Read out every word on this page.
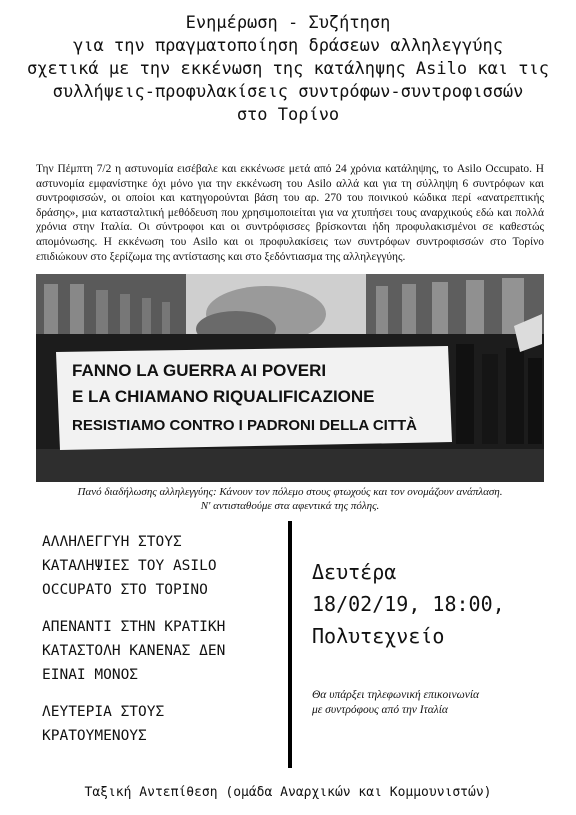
Ενημέρωση - Συζήτηση
για την πραγματοποίηση δράσεων αλληλεγγύης
σχετικά με την εκκένωση της κατάληψης Asilo και τις
συλλήψεις-προφυλακίσεις συντρόφων-συντροφισσών
στο Τορίνο
Την Πέμπτη 7/2 η αστυνομία εισέβαλε και εκκένωσε μετά από 24 χρόνια κατάληψης, το Asilo Occupato. Η αστυνομία εμφανίστηκε όχι μόνο για την εκκένωση του Asilo αλλά και για τη σύλληψη 6 συντρόφων και συντροφισσών, οι οποίοι και κατηγορούνται βάση του αρ. 270 του ποινικού κώδικα περί «ανατρεπτικής δράσης», μια κατασταλτική μεθόδευση που χρησιμοποιείται για να χτυπήσει τους αναρχικούς εδώ και πολλά χρόνια στην Ιταλία. Οι σύντροφοι και οι συντρόφισσες βρίσκονται ήδη προφυλακισμένοι σε καθεστώς απομόνωσης. Η εκκένωση του Asilo και οι προφυλακίσεις των συντρόφων συντροφισσών στο Τορίνο επιδιώκουν στο ξερίζωμα της αντίστασης και στο ξεδόντιασμα της αλληλεγγύης.
FANNO LA GUERRA AI POVERI
E LA CHIAMANO RIQUALIFICAZIONE
RESISTIAMO CONTRO I PADRONI DELLA CITTÀ
Πανό διαδήλωσης αλληλεγγύης: Κάνουν τον πόλεμο στους φτωχούς και τον ονομάζουν ανάπλαση.
Ν' αντισταθούμε στα αφεντικά της πόλης.

ΑΛΛΗΛΕΓΓΥΗ ΣΤΟΥΣ
ΚΑΤΑΛΗΨΙΕΣ ΤΟΥ ASILO
OCCUPATO ΣΤΟ ΤΟΡΙΝΟ

ΑΠΕΝΑΝΤΙ ΣΤΗΝ ΚΡΑΤΙΚΗ
ΚΑΤΑΣΤΟΛΗ ΚΑΝΕΝΑΣ ΔΕΝ
ΕΙΝΑΙ ΜΟΝΟΣ

ΛΕΥΤΕΡΙΑ ΣΤΟΥΣ
ΚΡΑΤΟΥΜΕΝΟΥΣ

Δευτέρα
18/02/19, 18:00,
Πολυτεχνείο
Θα υπάρξει τηλεφωνική επικοινωνία
με συντρόφους από την Ιταλία
Ταξική Αντεπίθεση (ομάδα Αναρχικών και Κομμουνιστών)
